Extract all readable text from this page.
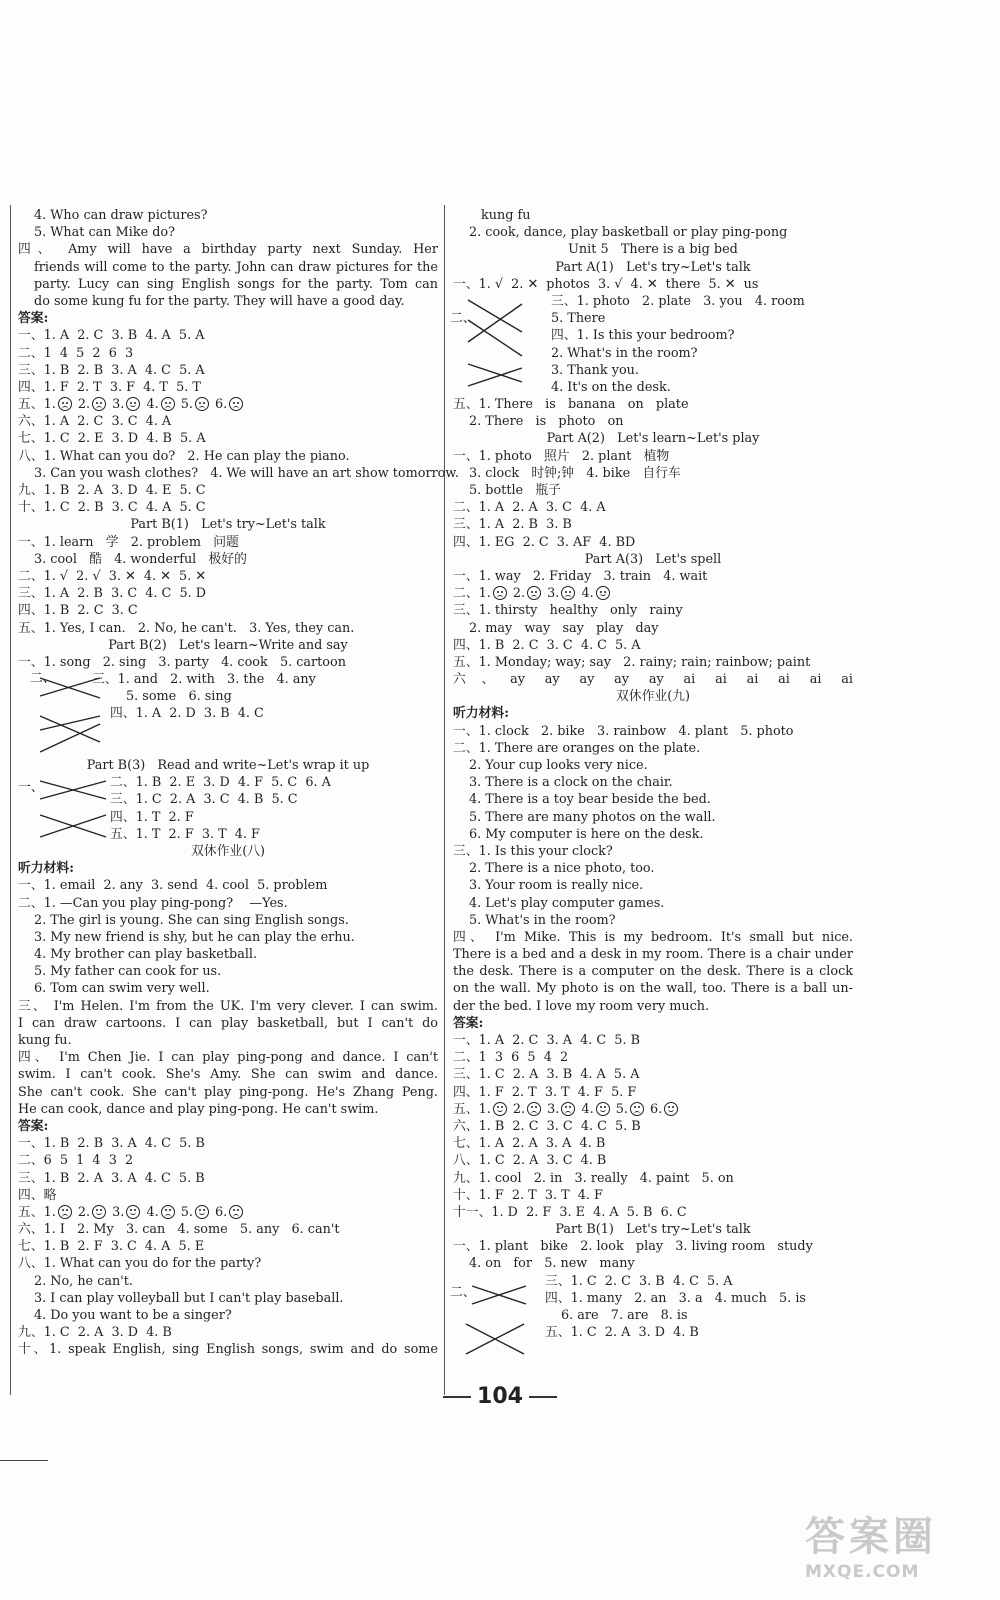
4. Who can draw pictures?
5. What can Mike do?
四、 Amy will have a birthday party next Sunday. Her
friends will come to the party. John can draw pictures for the
party. Lucy can sing English songs for the party. Tom can
do some kung fu for the party. They will have a good day.
答案:
一、1. A  2. C  3. B  4. A  5. A
二、1  4  5  2  6  3
三、1. B  2. B  3. A  4. C  5. A
四、1. F  2. T  3. F  4. T  5. T
五、1. 2. 3. 4. 5. 6.
六、1. A  2. C  3. C  4. A
七、1. C  2. E  3. D  4. B  5. A
八、1. What can you do?   2. He can play the piano.
3. Can you wash clothes?   4. We will have an art show tomorrow.
九、1. B  2. A  3. D  4. E  5. C
十、1. C  2. B  3. C  4. A  5. C
Part B(1)   Let's try~Let's talk
一、1. learn   学   2. problem   问题
3. cool   酷   4. wonderful   极好的
二、1. √  2. √  3. ✕  4. ✕  5. ✕
三、1. A  2. B  3. C  4. C  5. D
四、1. B  2. C  3. C
五、1. Yes, I can.   2. No, he can't.   3. Yes, they can.
Part B(2)   Let's learn~Write and say
一、1. song   2. sing   3. party   4. cook   5. cartoon
三、1. and   2. with   3. the   4. any
5. some   6. sing
四、1. A  2. D  3. B  4. C
Part B(3)   Read and write~Let's wrap it up
二、1. B  2. E  3. D  4. F  5. C  6. A
三、1. C  2. A  3. C  4. B  5. C
四、1. T  2. F
五、1. T  2. F  3. T  4. F
双休作业(八)
听力材料:
一、1. email  2. any  3. send  4. cool  5. problem
二、1. —Can you play ping-pong?    —Yes.
2. The girl is young. She can sing English songs.
3. My new friend is shy, but he can play the erhu.
4. My brother can play basketball.
5. My father can cook for us.
6. Tom can swim very well.
三、 I'm Helen. I'm from the UK. I'm very clever. I can swim.
I can draw cartoons. I can play basketball, but I can't do
kung fu.
四、 I'm Chen Jie. I can play ping-pong and dance. I can't
swim. I can't cook. She's Amy. She can swim and dance.
She can't cook. She can't play ping-pong. He's Zhang Peng.
He can cook, dance and play ping-pong. He can't swim.
答案:
一、1. B  2. B  3. A  4. C  5. B
二、6  5  1  4  3  2
三、1. B  2. A  3. A  4. C  5. B
四、略
五、1. 2. 3. 4. 5. 6.
六、1. I   2. My   3. can   4. some   5. any   6. can't
七、1. B  2. F  3. C  4. A  5. E
八、1. What can you do for the party?
2. No, he can't.
3. I can play volleyball but I can't play baseball.
4. Do you want to be a singer?
九、1. C  2. A  3. D  4. B
十、1. speak English, sing English songs, swim and do some
kung fu
2. cook, dance, play basketball or play ping-pong
Unit 5   There is a big bed
Part A(1)   Let's try~Let's talk
一、1. √  2. ✕  photos  3. √  4. ✕  there  5. ✕  us
三、1. photo   2. plate   3. you   4. room
5. There
四、1. Is this your bedroom?
2. What's in the room?
3. Thank you.
4. It's on the desk.
五、1. There   is   banana   on   plate
2. There   is   photo   on
Part A(2)   Let's learn~Let's play
一、1. photo   照片   2. plant   植物
3. clock   时钟;钟   4. bike   自行车
5. bottle   瓶子
二、1. A  2. A  3. C  4. A
三、1. A  2. B  3. B
四、1. EG  2. C  3. AF  4. BD
Part A(3)   Let's spell
一、1. way   2. Friday   3. train   4. wait
二、1. 2. 3. 4.
三、1. thirsty   healthy   only   rainy
2. may   way   say   play   day
四、1. B  2. C  3. C  4. C  5. A
五、1. Monday; way; say   2. rainy; rain; rainbow; paint
六、ay ay ay ay ay ai ai ai ai ai ai
双休作业(九)
听力材料:
一、1. clock   2. bike   3. rainbow   4. plant   5. photo
二、1. There are oranges on the plate.
2. Your cup looks very nice.
3. There is a clock on the chair.
4. There is a toy bear beside the bed.
5. There are many photos on the wall.
6. My computer is here on the desk.
三、1. Is this your clock?
2. There is a nice photo, too.
3. Your room is really nice.
4. Let's play computer games.
5. What's in the room?
四、 I'm Mike. This is my bedroom. It's small but nice.
There is a bed and a desk in my room. There is a chair under
the desk. There is a computer on the desk. There is a clock
on the wall. My photo is on the wall, too. There is a ball un-
der the bed. I love my room very much.
答案:
一、1. A  2. C  3. A  4. C  5. B
二、1  3  6  5  4  2
三、1. C  2. A  3. B  4. A  5. A
四、1. F  2. T  3. T  4. F  5. F
五、1. 2. 3. 4. 5. 6.
六、1. B  2. C  3. C  4. C  5. B
七、1. A  2. A  3. A  4. B
八、1. C  2. A  3. C  4. B
九、1. cool   2. in   3. really   4. paint   5. on
十、1. F  2. T  3. T  4. F
十一、1. D  2. F  3. E  4. A  5. B  6. C
Part B(1)   Let's try~Let's talk
一、1. plant   bike   2. look   play   3. living room   study
4. on   for   5. new   many
三、1. C  2. C  3. B  4. C  5. A
四、1. many   2. an   3. a   4. much   5. is
6. are   7. are   8. is
五、1. C  2. A  3. D  4. B
二、
一、
二、
二、
104
答案圈
MXQE.COM
